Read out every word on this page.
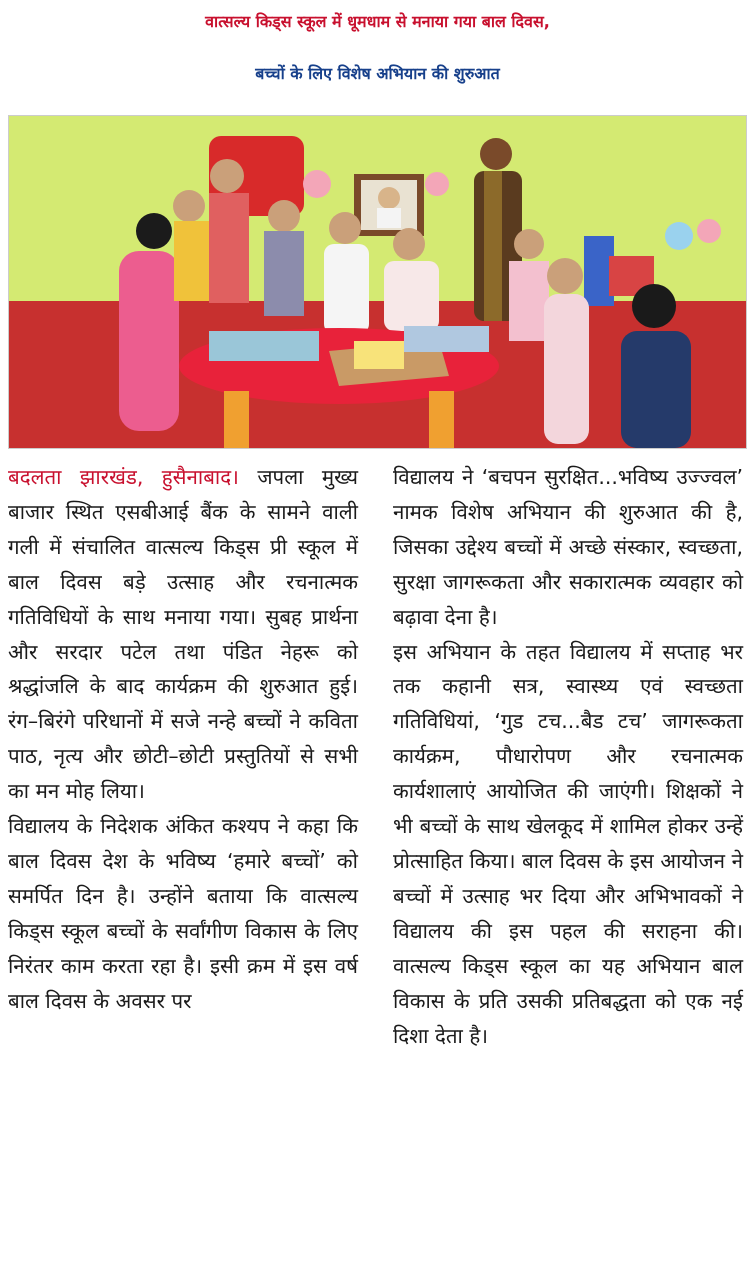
वात्सल्य किड्स स्कूल में धूमधाम से मनाया गया बाल दिवस,
बच्चों के लिए विशेष अभियान की शुरुआत

बदलता झारखंड, हुसैनाबाद। जपला मुख्य बाजार स्थित एसबीआई बैंक के सामने वाली गली में संचालित वात्सल्य किड्स प्री स्कूल में बाल दिवस बड़े उत्साह और रचनात्मक गतिविधियों के साथ मनाया गया। सुबह प्रार्थना और सरदार पटेल तथा पंडित नेहरू को श्रद्धांजलि के बाद कार्यक्रम की शुरुआत हुई। रंग–बिरंगे परिधानों में सजे नन्हे बच्चों ने कविता पाठ, नृत्य और छोटी–छोटी प्रस्तुतियों से सभी का मन मोह लिया।

विद्यालय के निदेशक अंकित कश्यप ने कहा कि बाल दिवस देश के भविष्य ‘हमारे बच्चों’ को समर्पित दिन है। उन्होंने बताया कि वात्सल्य किड्स स्कूल बच्चों के सर्वांगीण विकास के लिए निरंतर काम करता रहा है। इसी क्रम में इस वर्ष बाल दिवस के अवसर पर

विद्यालय ने ‘बचपन सुरक्षित...भविष्य उज्ज्वल’ नामक विशेष अभियान की शुरुआत की है, जिसका उद्देश्य बच्चों में अच्छे संस्कार, स्वच्छता, सुरक्षा जागरूकता और सकारात्मक व्यवहार को बढ़ावा देना है।

इस अभियान के तहत विद्यालय में सप्ताह भर तक कहानी सत्र, स्वास्थ्य एवं स्वच्छता गतिविधियां, ‘गुड टच...बैड टच’ जागरूकता कार्यक्रम, पौधारोपण और रचनात्मक कार्यशालाएं आयोजित की जाएंगी। शिक्षकों ने भी बच्चों के साथ खेलकूद में शामिल होकर उन्हें प्रोत्साहित किया। बाल दिवस के इस आयोजन ने बच्चों में उत्साह भर दिया और अभिभावकों ने विद्यालय की इस पहल की सराहना की। वात्सल्य किड्स स्कूल का यह अभियान बाल विकास के प्रति उसकी प्रतिबद्धता को एक नई दिशा देता है।
